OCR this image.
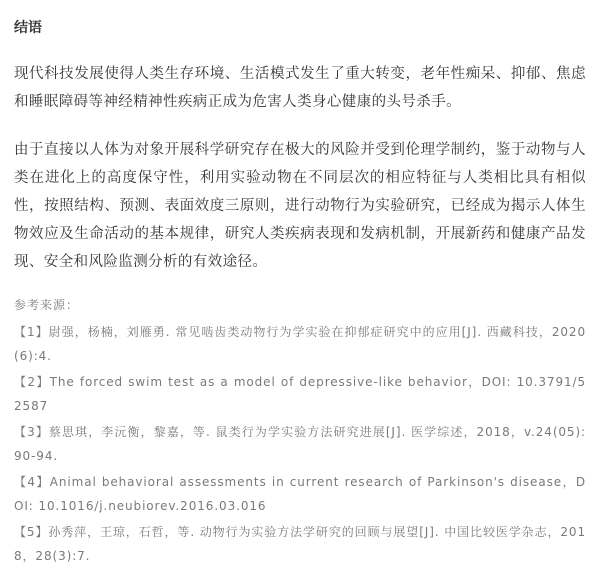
结语

现代科技发展使得人类生存环境、生活模式发生了重大转变，老年性痴呆、抑郁、焦虑和睡眠障碍等神经精神性疾病正成为危害人类身心健康的头号杀手。

由于直接以人体为对象开展科学研究存在极大的风险并受到伦理学制约，鉴于动物与人类在进化上的高度保守性，利用实验动物在不同层次的相应特征与人类相比具有相似性，按照结构、预测、表面效度三原则，进行动物行为实验研究，已经成为揭示人体生物效应及生命活动的基本规律，研究人类疾病表现和发病机制，开展新药和健康产品发现、安全和风险监测分析的有效途径。

参考来源：
【1】尉强，杨楠，刘雁勇. 常见啮齿类动物行为学实验在抑郁症研究中的应用[J]. 西藏科技，2020(6):4.
【2】The forced swim test as a model of depressive-like behavior，DOI: 10.3791/52587
【3】蔡思琪，李沅衡，黎嘉，等. 鼠类行为学实验方法研究进展[J]. 医学综述，2018，v.24(05):90-94.
【4】Animal behavioral assessments in current research of Parkinson's disease，DOI: 10.1016/j.neubiorev.2016.03.016
【5】孙秀萍，王琼，石哲，等. 动物行为实验方法学研究的回顾与展望[J]. 中国比较医学杂志，2018，28(3):7.
